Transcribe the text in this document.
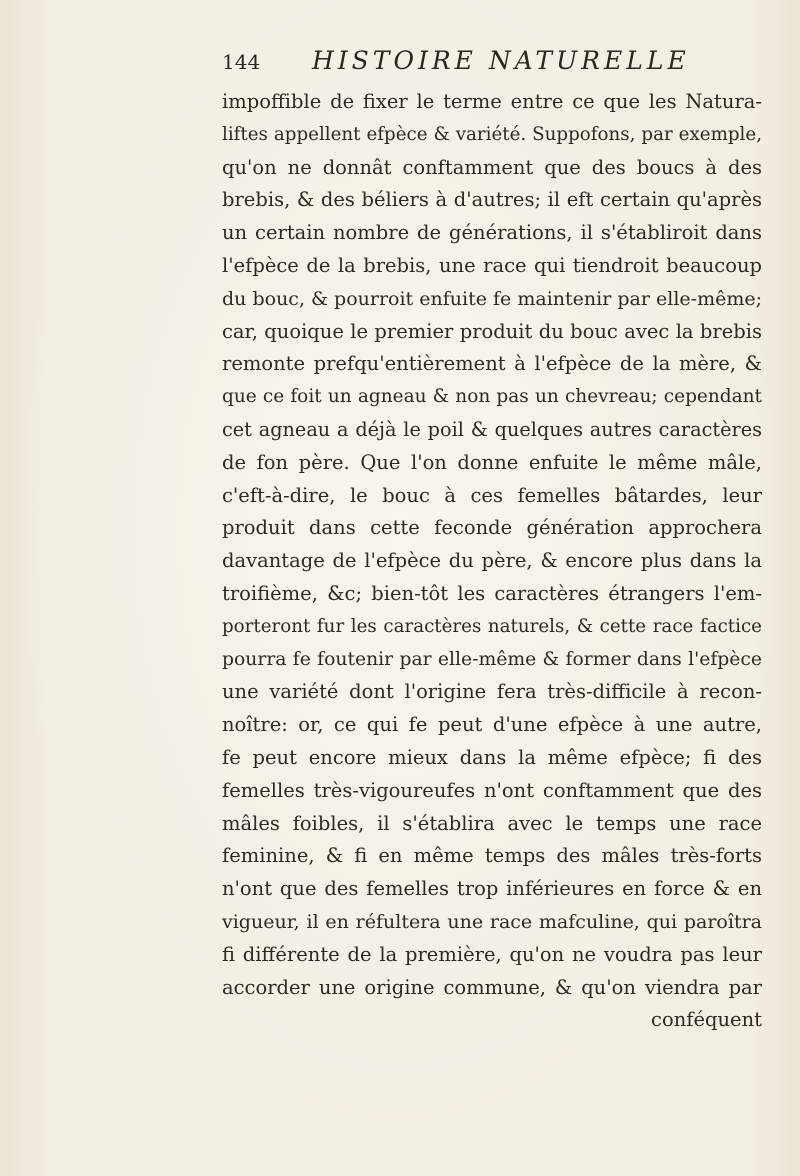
144 HISTOIRE NATURELLE
impoffible de fixer le terme entre ce que les Natura-
liftes appellent efpèce & variété. Suppofons, par exemple,
qu'on ne donnât conftamment que des boucs à des
brebis, & des béliers à d'autres; il eft certain qu'après
un certain nombre de générations, il s'établiroit dans
l'efpèce de la brebis, une race qui tiendroit beaucoup
du bouc, & pourroit enfuite fe maintenir par elle-même;
car, quoique le premier produit du bouc avec la brebis
remonte prefqu'entièrement à l'efpèce de la mère, &
que ce foit un agneau & non pas un chevreau; cependant
cet agneau a déjà le poil & quelques autres caractères
de fon père. Que l'on donne enfuite le même mâle,
c'eft-à-dire, le bouc à ces femelles bâtardes, leur
produit dans cette feconde génération approchera
davantage de l'efpèce du père, & encore plus dans la
troifième, &c; bien-tôt les caractères étrangers l'em-
porteront fur les caractères naturels, & cette race factice
pourra fe foutenir par elle-même & former dans l'efpèce
une variété dont l'origine fera très-difficile à recon-
noître: or, ce qui fe peut d'une efpèce à une autre,
fe peut encore mieux dans la même efpèce; fi des
femelles très-vigoureufes n'ont conftamment que des
mâles foibles, il s'établira avec le temps une race
feminine, & fi en même temps des mâles très-forts
n'ont que des femelles trop inférieures en force & en
vigueur, il en réfultera une race mafculine, qui paroîtra
fi différente de la première, qu'on ne voudra pas leur
accorder une origine commune, & qu'on viendra par
conféquent
